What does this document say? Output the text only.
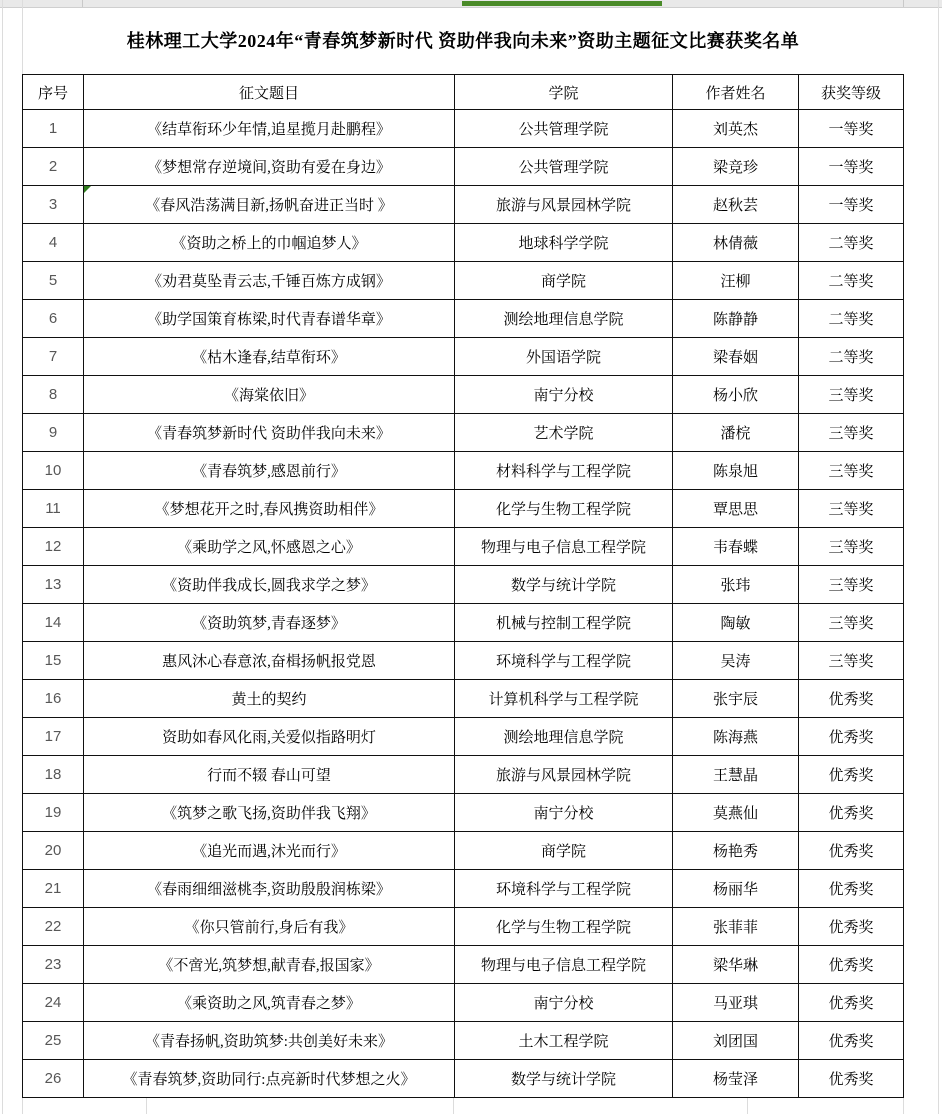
桂林理工大学2024年“青春筑梦新时代 资助伴我向未来”资助主题征文比赛获奖名单
序号	征文题目	学院	作者姓名	获奖等级
1	《结草衔环少年情,追星揽月赴鹏程》	公共管理学院	刘英杰	一等奖
2	《梦想常存逆境间,资助有爱在身边》	公共管理学院	梁竞珍	一等奖
3	《春风浩荡满目新,扬帆奋进正当时 》	旅游与风景园林学院	赵秋芸	一等奖
4	《资助之桥上的巾帼追梦人》	地球科学学院	林倩薇	二等奖
5	《劝君莫坠青云志,千锤百炼方成钢》	商学院	汪柳	二等奖
6	《助学国策育栋梁,时代青春谱华章》	测绘地理信息学院	陈静静	二等奖
7	《枯木逢春,结草衔环》	外国语学院	梁春姻	二等奖
8	《海棠依旧》	南宁分校	杨小欣	三等奖
9	《青春筑梦新时代 资助伴我向未来》	艺术学院	潘梡	三等奖
10	《青春筑梦,感恩前行》	材料科学与工程学院	陈泉旭	三等奖
11	《梦想花开之时,春风携资助相伴》	化学与生物工程学院	覃思思	三等奖
12	《乘助学之风,怀感恩之心》	物理与电子信息工程学院	韦春蝶	三等奖
13	《资助伴我成长,圆我求学之梦》	数学与统计学院	张玮	三等奖
14	《资助筑梦,青春逐梦》	机械与控制工程学院	陶敏	三等奖
15	惠风沐心春意浓,奋楫扬帆报党恩	环境科学与工程学院	吴涛	三等奖
16	黄土的契约	计算机科学与工程学院	张宇辰	优秀奖
17	资助如春风化雨,关爱似指路明灯	测绘地理信息学院	陈海燕	优秀奖
18	行而不辍 春山可望	旅游与风景园林学院	王慧晶	优秀奖
19	《筑梦之歌飞扬,资助伴我飞翔》	南宁分校	莫燕仙	优秀奖
20	《追光而遇,沐光而行》	商学院	杨艳秀	优秀奖
21	《春雨细细滋桃李,资助殷殷润栋梁》	环境科学与工程学院	杨丽华	优秀奖
22	《你只管前行,身后有我》	化学与生物工程学院	张菲菲	优秀奖
23	《不啻光,筑梦想,献青春,报国家》	物理与电子信息工程学院	梁华琳	优秀奖
24	《乘资助之风,筑青春之梦》	南宁分校	马亚琪	优秀奖
25	《青春扬帆,资助筑梦:共创美好未来》	土木工程学院	刘团国	优秀奖
26	《青春筑梦,资助同行:点亮新时代梦想之火》	数学与统计学院	杨莹泽	优秀奖
